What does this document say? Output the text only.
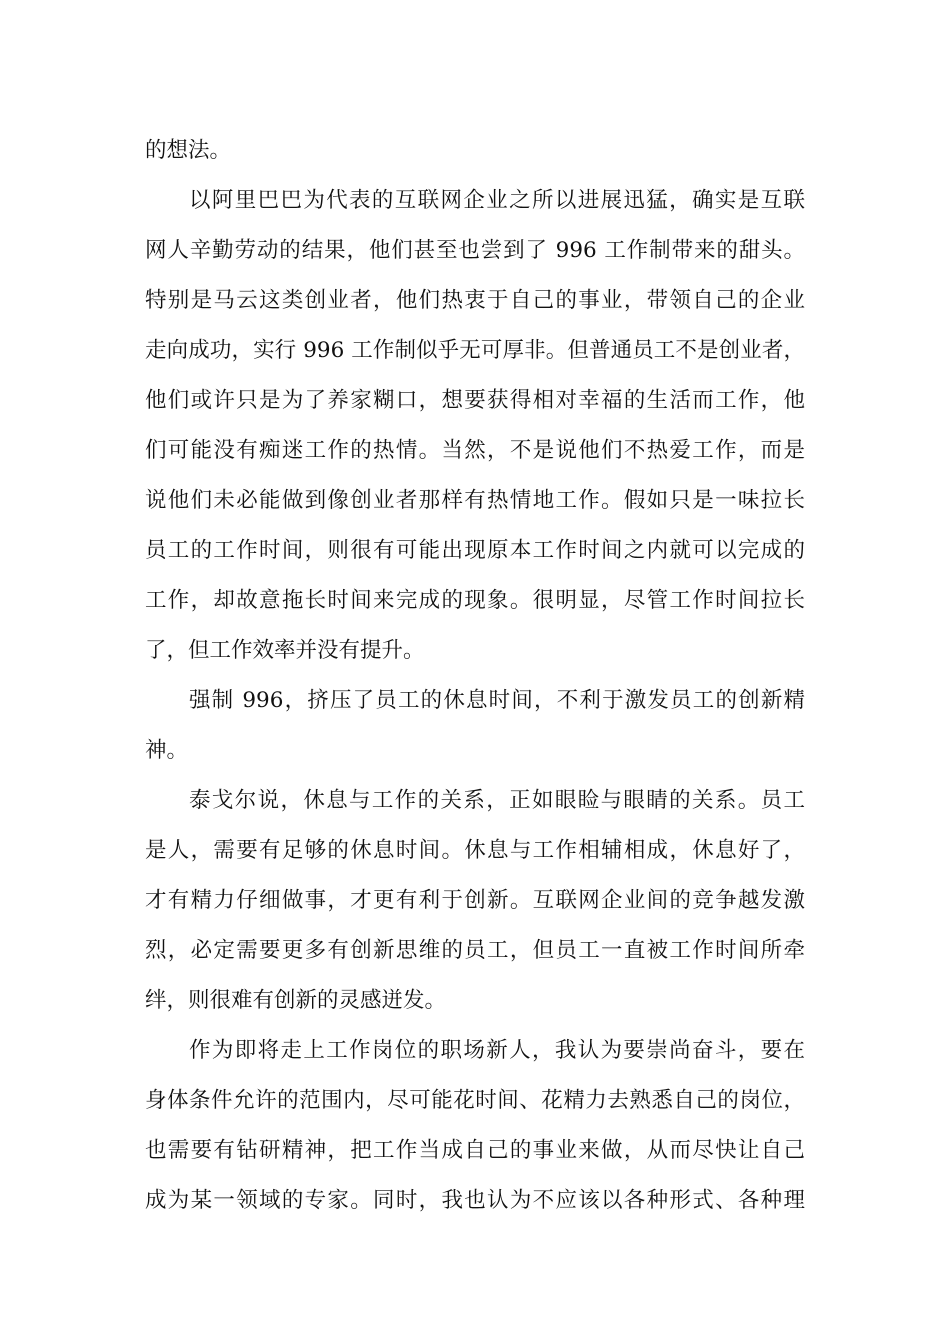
的想法。
以阿里巴巴为代表的互联网企业之所以进展迅猛，确实是互联
网人辛勤劳动的结果，他们甚至也尝到了 996 工作制带来的甜头。
特别是马云这类创业者，他们热衷于自己的事业，带领自己的企业
走向成功，实行 996 工作制似乎无可厚非。但普通员工不是创业者，
他们或许只是为了养家糊口，想要获得相对幸福的生活而工作，他
们可能没有痴迷工作的热情。当然，不是说他们不热爱工作，而是
说他们未必能做到像创业者那样有热情地工作。假如只是一味拉长
员工的工作时间，则很有可能出现原本工作时间之内就可以完成的
工作，却故意拖长时间来完成的现象。很明显，尽管工作时间拉长
了，但工作效率并没有提升。
强制 996，挤压了员工的休息时间，不利于激发员工的创新精
神。
泰戈尔说，休息与工作的关系，正如眼睑与眼睛的关系。员工
是人，需要有足够的休息时间。休息与工作相辅相成，休息好了，
才有精力仔细做事，才更有利于创新。互联网企业间的竞争越发激
烈，必定需要更多有创新思维的员工，但员工一直被工作时间所牵
绊，则很难有创新的灵感迸发。
作为即将走上工作岗位的职场新人，我认为要崇尚奋斗，要在
身体条件允许的范围内，尽可能花时间、花精力去熟悉自己的岗位，
也需要有钻研精神，把工作当成自己的事业来做，从而尽快让自己
成为某一领域的专家。同时，我也认为不应该以各种形式、各种理
